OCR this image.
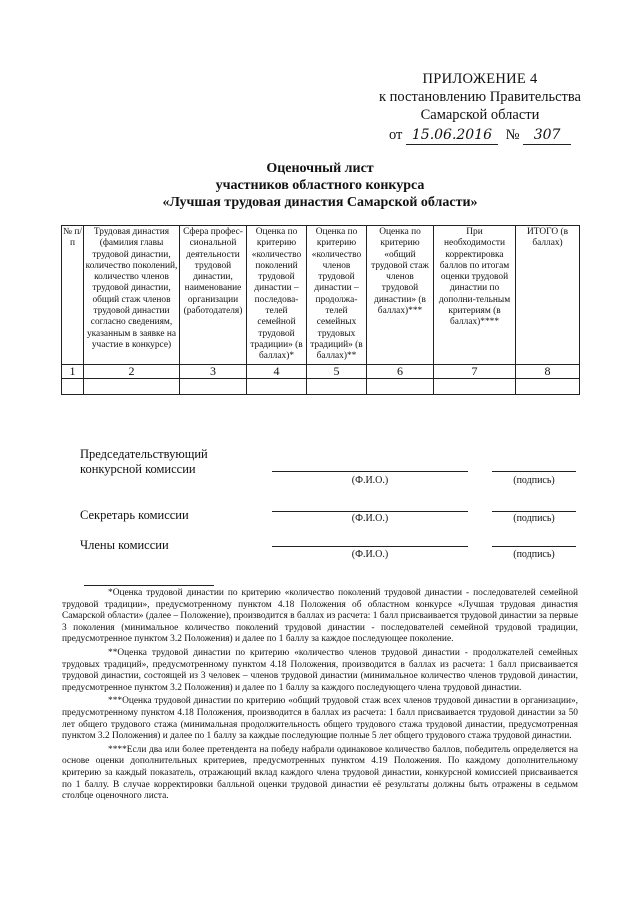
ПРИЛОЖЕНИЕ 4
к постановлению Правительства
Самарской области
от 15.06.2016 № 307
Оценочный лист
участников областного конкурса
«Лучшая трудовая династия Самарской области»
№ п/п	Трудовая династия (фамилия главы трудовой династии, количество поколений, количество членов трудовой династии, общий стаж членов трудовой династии согласно сведениям, указанным в заявке на участие в конкурсе)	Сфера профес-сиональной деятельности трудовой династии, наименование организации (работодателя)	Оценка по критерию «количество поколений трудовой династии – последова-телей семейной трудовой традиции» (в баллах)*	Оценка по критерию «количество членов трудовой династии – продолжа-телей семейных трудовых традиций» (в баллах)**	Оценка по критерию «общий трудовой стаж членов трудовой династии» (в баллах)***	При необходимости корректировка баллов по итогам оценки трудовой династии по дополни-тельным критериям (в баллах)****	ИТОГО (в баллах)
1	2	3	4	5	6	7	8

Председательствующий
конкурсной комиссии
(Ф.И.О.)	(подпись)
Секретарь комиссии	(Ф.И.О.)	(подпись)
Члены комиссии
(Ф.И.О.)	(подпись)

*Оценка трудовой династии по критерию «количество поколений трудовой династии - последователей семейной трудовой традиции», предусмотренному пунктом 4.18 Положения об областном конкурсе «Лучшая трудовая династия Самарской области» (далее – Положение), производится в баллах из расчета: 1 балл присваивается трудовой династии за первые 3 поколения (минимальное количество поколений трудовой династии - последователей семейной трудовой традиции, предусмотренное пунктом 3.2 Положения) и далее по 1 баллу за каждое последующее поколение.

**Оценка трудовой династии по критерию «количество членов трудовой династии - продолжателей семейных трудовых традиций», предусмотренному пунктом 4.18 Положения, производится в баллах из расчета: 1 балл присваивается трудовой династии, состоящей из 3 человек – членов трудовой династии (минимальное количество членов трудовой династии, предусмотренное пунктом 3.2 Положения) и далее по 1 баллу за каждого последующего члена трудовой династии.

***Оценка трудовой династии по критерию «общий трудовой стаж всех членов трудовой династии в организации», предусмотренному пунктом 4.18 Положения, производится в баллах из расчета: 1 балл присваивается трудовой династии за 50 лет общего трудового стажа (минимальная продолжительность общего трудового стажа трудовой династии, предусмотренная пунктом 3.2 Положения) и далее по 1 баллу за каждые последующие полные 5 лет общего трудового стажа трудовой династии.

****Если два или более претендента на победу набрали одинаковое количество баллов, победитель определяется на основе оценки дополнительных критериев, предусмотренных пунктом 4.19 Положения. По каждому дополнительному критерию за каждый показатель, отражающий вклад каждого члена трудовой династии, конкурсной комиссией присваивается по 1 баллу. В случае корректировки балльной оценки трудовой династии её результаты должны быть отражены в седьмом столбце оценочного листа.
